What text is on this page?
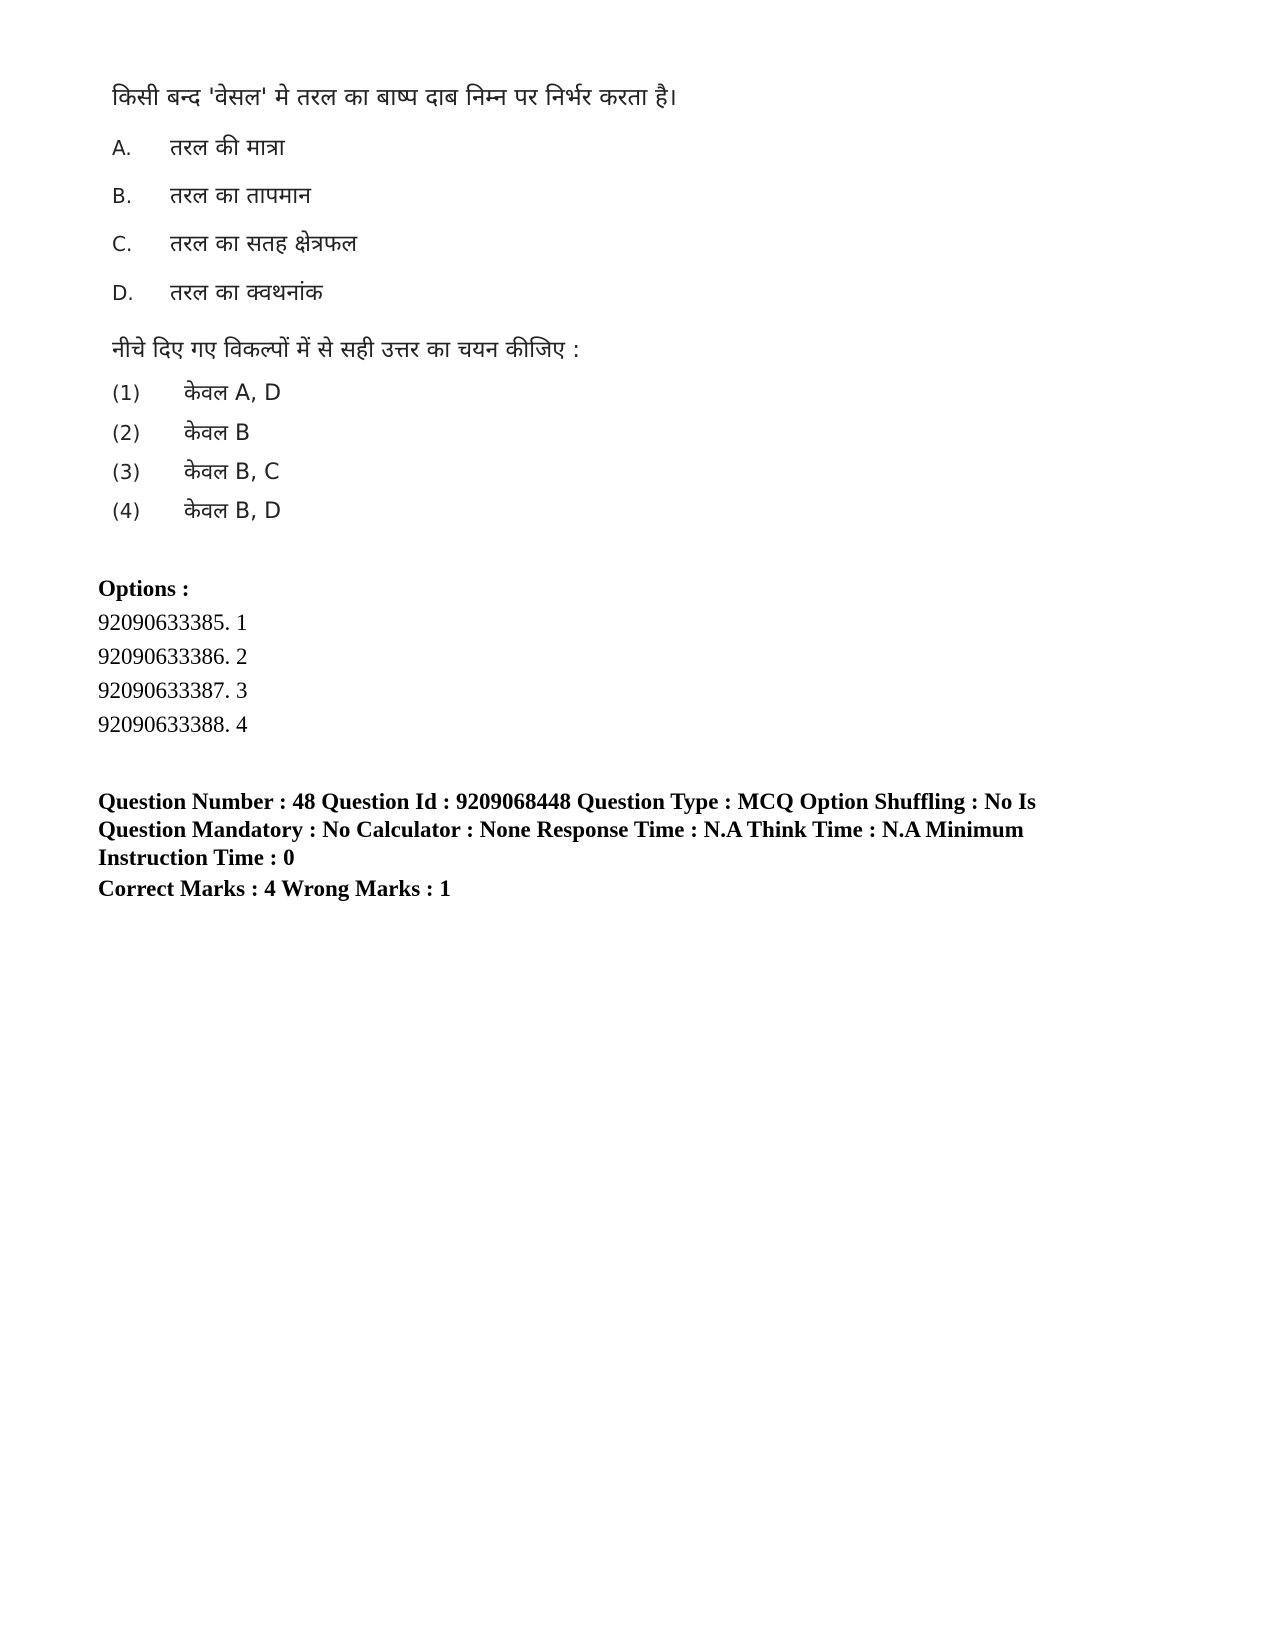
किसी बन्द 'वेसल' मे तरल का बाष्प दाब निम्न पर निर्भर करता है।
A. तरल की मात्रा
B. तरल का तापमान
C. तरल का सतह क्षेत्रफल
D. तरल का क्वथनांक
नीचे दिए गए विकल्पों में से सही उत्तर का चयन कीजिए :
(1) केवल A, D
(2) केवल B
(3) केवल B, C
(4) केवल B, D
Options :
92090633385. 1
92090633386. 2
92090633387. 3
92090633388. 4
Question Number : 48 Question Id : 9209068448 Question Type : MCQ Option Shuffling : No Is Question Mandatory : No Calculator : None Response Time : N.A Think Time : N.A Minimum Instruction Time : 0
Correct Marks : 4 Wrong Marks : 1
